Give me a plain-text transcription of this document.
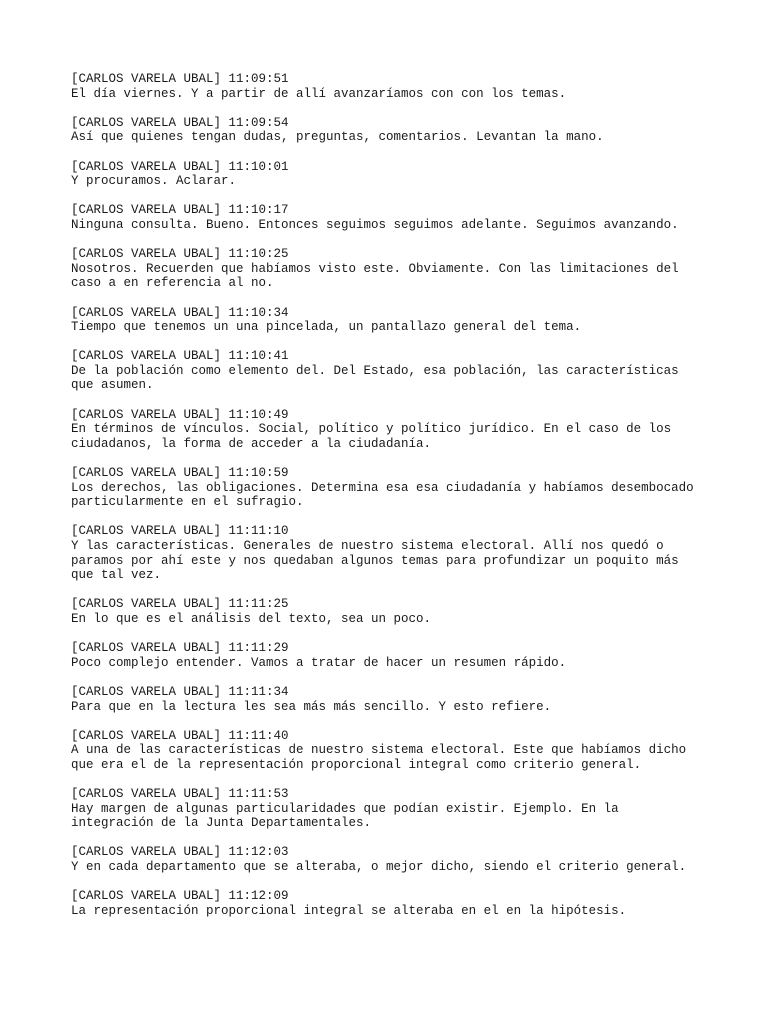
[CARLOS VARELA UBAL] 11:09:51
El día viernes. Y a partir de allí avanzaríamos con con los temas.
[CARLOS VARELA UBAL] 11:09:54
Así que quienes tengan dudas, preguntas, comentarios. Levantan la mano.
[CARLOS VARELA UBAL] 11:10:01
Y procuramos. Aclarar.
[CARLOS VARELA UBAL] 11:10:17
Ninguna consulta. Bueno. Entonces seguimos seguimos adelante. Seguimos avanzando.
[CARLOS VARELA UBAL] 11:10:25
Nosotros. Recuerden que habíamos visto este. Obviamente. Con las limitaciones del
caso a en referencia al no.
[CARLOS VARELA UBAL] 11:10:34
Tiempo que tenemos un una pincelada, un pantallazo general del tema.
[CARLOS VARELA UBAL] 11:10:41
De la población como elemento del. Del Estado, esa población, las características
que asumen.
[CARLOS VARELA UBAL] 11:10:49
En términos de vínculos. Social, político y político jurídico. En el caso de los
ciudadanos, la forma de acceder a la ciudadanía.
[CARLOS VARELA UBAL] 11:10:59
Los derechos, las obligaciones. Determina esa esa ciudadanía y habíamos desembocado
particularmente en el sufragio.
[CARLOS VARELA UBAL] 11:11:10
Y las características. Generales de nuestro sistema electoral. Allí nos quedó o
paramos por ahí este y nos quedaban algunos temas para profundizar un poquito más
que tal vez.
[CARLOS VARELA UBAL] 11:11:25
En lo que es el análisis del texto, sea un poco.
[CARLOS VARELA UBAL] 11:11:29
Poco complejo entender. Vamos a tratar de hacer un resumen rápido.
[CARLOS VARELA UBAL] 11:11:34
Para que en la lectura les sea más más sencillo. Y esto refiere.
[CARLOS VARELA UBAL] 11:11:40
A una de las características de nuestro sistema electoral. Este que habíamos dicho
que era el de la representación proporcional integral como criterio general.
[CARLOS VARELA UBAL] 11:11:53
Hay margen de algunas particularidades que podían existir. Ejemplo. En la
integración de la Junta Departamentales.
[CARLOS VARELA UBAL] 11:12:03
Y en cada departamento que se alteraba, o mejor dicho, siendo el criterio general.
[CARLOS VARELA UBAL] 11:12:09
La representación proporcional integral se alteraba en el en la hipótesis.
